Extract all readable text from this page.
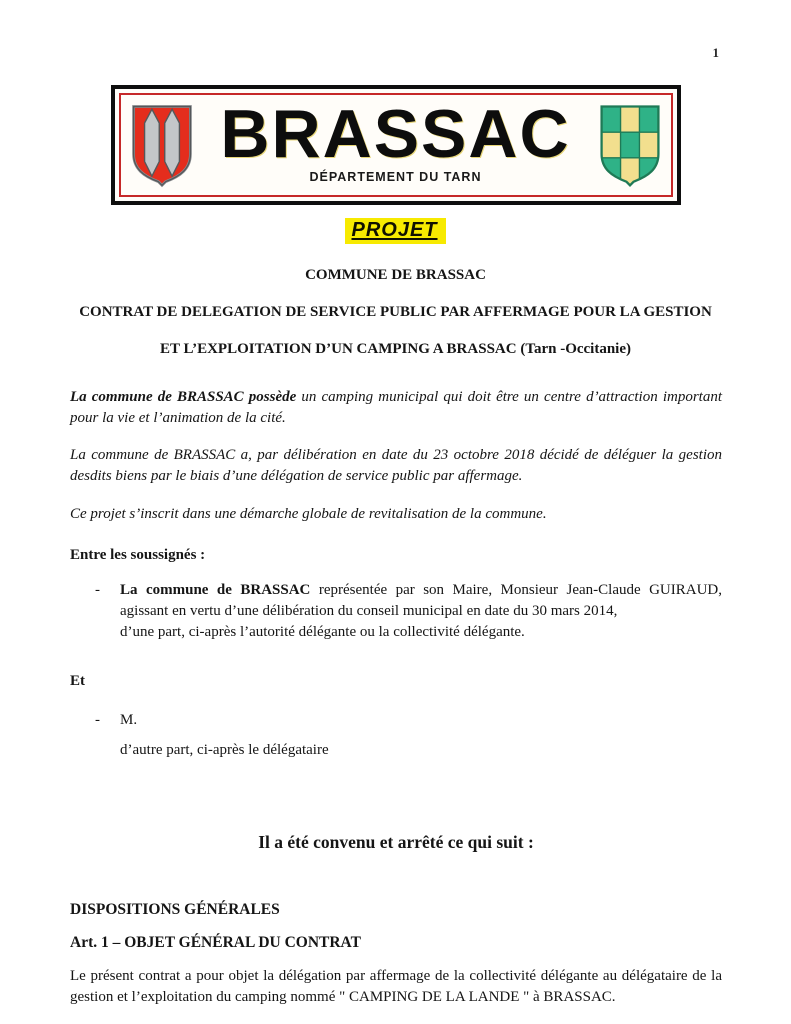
1
BRASSAC
DÉPARTEMENT DU TARN
PROJET
COMMUNE DE BRASSAC
CONTRAT DE DELEGATION DE SERVICE PUBLIC PAR AFFERMAGE POUR LA GESTION
ET L’EXPLOITATION D’UN CAMPING A BRASSAC (Tarn -Occitanie)

La commune de BRASSAC possède un camping municipal qui doit être un centre d’attraction important pour la vie et l’animation de la cité.

La commune de BRASSAC a, par délibération en date du 23 octobre 2018 décidé de déléguer la gestion desdits biens par le biais d’une délégation de service public par affermage.

Ce projet s’inscrit dans une démarche globale de revitalisation de la commune.

Entre les soussignés :
- La commune de BRASSAC représentée par son Maire, Monsieur Jean-Claude GUIRAUD,
agissant en vertu d’une délibération du conseil municipal en date du 30 mars 2014,
d’une part, ci-après l’autorité délégante ou la collectivité délégante.
Et
- M.
d’autre part, ci-après le délégataire
Il a été convenu et arrêté ce qui suit :
DISPOSITIONS GÉNÉRALES
Art. 1 – OBJET GÉNÉRAL DU CONTRAT
Le présent contrat a pour objet la délégation par affermage de la collectivité délégante au délégataire de la gestion et l’exploitation du camping nommé " CAMPING DE LA LANDE " à BRASSAC.
